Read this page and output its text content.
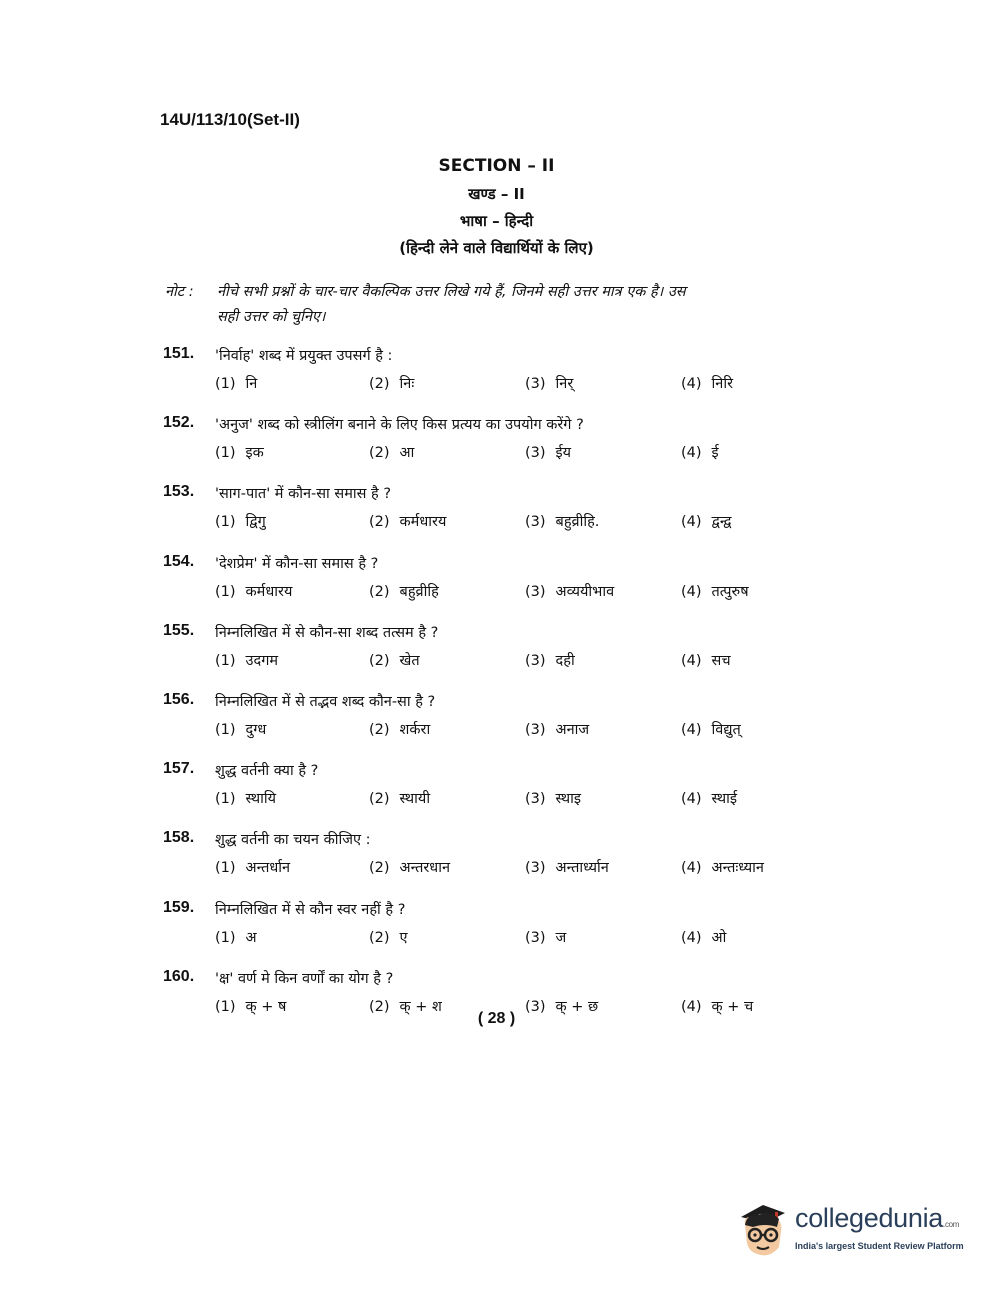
14U/113/10(Set-II)
SECTION – II
खण्ड – II
भाषा – हिन्दी
(हिन्दी लेने वाले विद्यार्थियों के लिए)
नोट : नीचे सभी प्रश्नों के चार-चार वैकल्पिक उत्तर लिखे गये हैं, जिनमे सही उत्तर मात्र एक है। उस
सही उत्तर को चुनिए।
151. 'निर्वाह' शब्द में प्रयुक्त उपसर्ग है :
(1) नि	(2) निः	(3) निर्	(4) निरि
152. 'अनुज' शब्द को स्त्रीलिंग बनाने के लिए किस प्रत्यय का उपयोग करेंगे ?
(1) इक	(2) आ	(3) ईय	(4) ई
153. 'साग-पात' में कौन-सा समास है ?
(1) द्विगु	(2) कर्मधारय	(3) बहुव्रीहि.	(4) द्वन्द्व
154. 'देशप्रेम' में कौन-सा समास है ?
(1) कर्मधारय	(2) बहुव्रीहि	(3) अव्ययीभाव	(4) तत्पुरुष
155. निम्नलिखित में से कौन-सा शब्द तत्सम है ?
(1) उदगम	(2) खेत	(3) दही	(4) सच
156. निम्नलिखित में से तद्भव शब्द कौन-सा है ?
(1) दुग्ध	(2) शर्करा	(3) अनाज	(4) विद्युत्
157. शुद्ध वर्तनी क्या है ?
(1) स्थायि	(2) स्थायी	(3) स्थाइ	(4) स्थाई
158. शुद्ध वर्तनी का चयन कीजिए :
(1) अन्तर्धान	(2) अन्तरधान	(3) अन्तार्ध्यान	(4) अन्तःध्यान
159. निम्नलिखित में से कौन स्वर नहीं है ?
(1) अ	(2) ए	(3) ज	(4) ओ
160. 'क्ष' वर्ण मे किन वर्णों का योग है ?
(1) क् + ष	(2) क् + श	(3) क् + छ	(4) क् + च
( 28 )
collegedunia.com
India's largest Student Review Platform
